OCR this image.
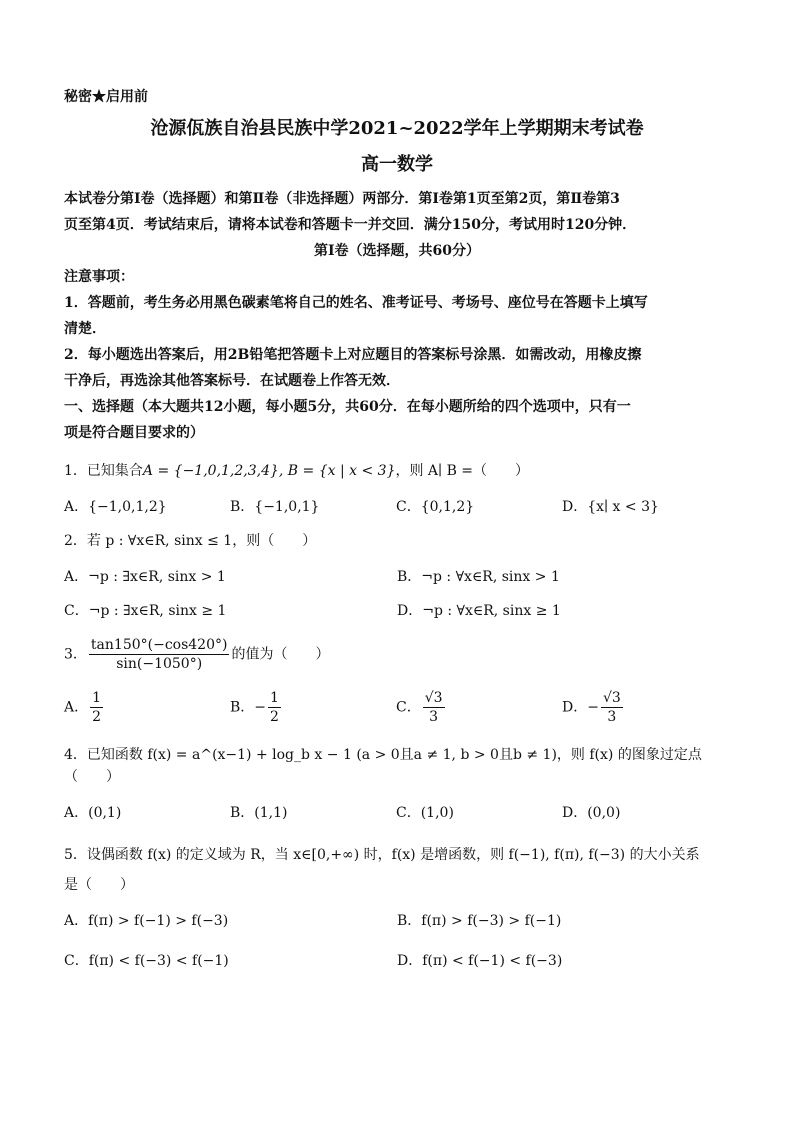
秘密★启用前
沧源佤族自治县民族中学2021~2022学年上学期期末考试卷
高一数学
本试卷分第Ⅰ卷（选择题）和第Ⅱ卷（非选择题）两部分．第Ⅰ卷第1页至第2页，第Ⅱ卷第3
页至第4页．考试结束后，请将本试卷和答题卡一并交回．满分150分，考试用时120分钟．
第Ⅰ卷（选择题，共60分）
注意事项：
1．答题前，考生务必用黑色碳素笔将自己的姓名、准考证号、考场号、座位号在答题卡上填写
清楚．
2．每小题选出答案后，用2B铅笔把答题卡上对应题目的答案标号涂黑．如需改动，用橡皮擦
干净后，再选涂其他答案标号．在试题卷上作答无效．
一、选择题（本大题共12小题，每小题5分，共60分．在每小题所给的四个选项中，只有一
项是符合题目要求的）
1．已知集合A = {−1,0,1,2,3,4}, B = {x | x < 3}，则 A∣ B =（　　）
A．{−1,0,1,2}	B．{−1,0,1}	C．{0,1,2}	D．{x∣ x < 3}
2．若 p : ∀x∈R, sinx ≤ 1，则（　　）
A．¬p : ∃x∈R, sinx > 1	B．¬p : ∀x∈R, sinx > 1
C．¬p : ∃x∈R, sinx ≥ 1	D．¬p : ∀x∈R, sinx ≥ 1
3． $\frac{\tan 150^\circ(-\cos 420^\circ)}{\sin(-1050^\circ)}$ 的值为（　　）
A． $\frac{1}{2}$	B．− $\frac{1}{2}$	C． $\frac{√3}{3}$	D．− $\frac{√3}{3}$
4．已知函数 f(x) = a^(x−1) + log_b x − 1 (a > 0且a ≠ 1, b > 0且b ≠ 1)，则 f(x) 的图象过定点（　　）
A．(0,1)	B．(1,1)	C．(1,0)	D．(0,0)
5．设偶函数 f(x) 的定义域为 R，当 x∈[0,+∞) 时，f(x) 是增函数，则 f(−1), f(π), f(−3) 的大小关系
是（　　）
A．f(π) > f(−1) > f(−3)	B．f(π) > f(−3) > f(−1)
C．f(π) < f(−3) < f(−1)	D．f(π) < f(−1) < f(−3)
